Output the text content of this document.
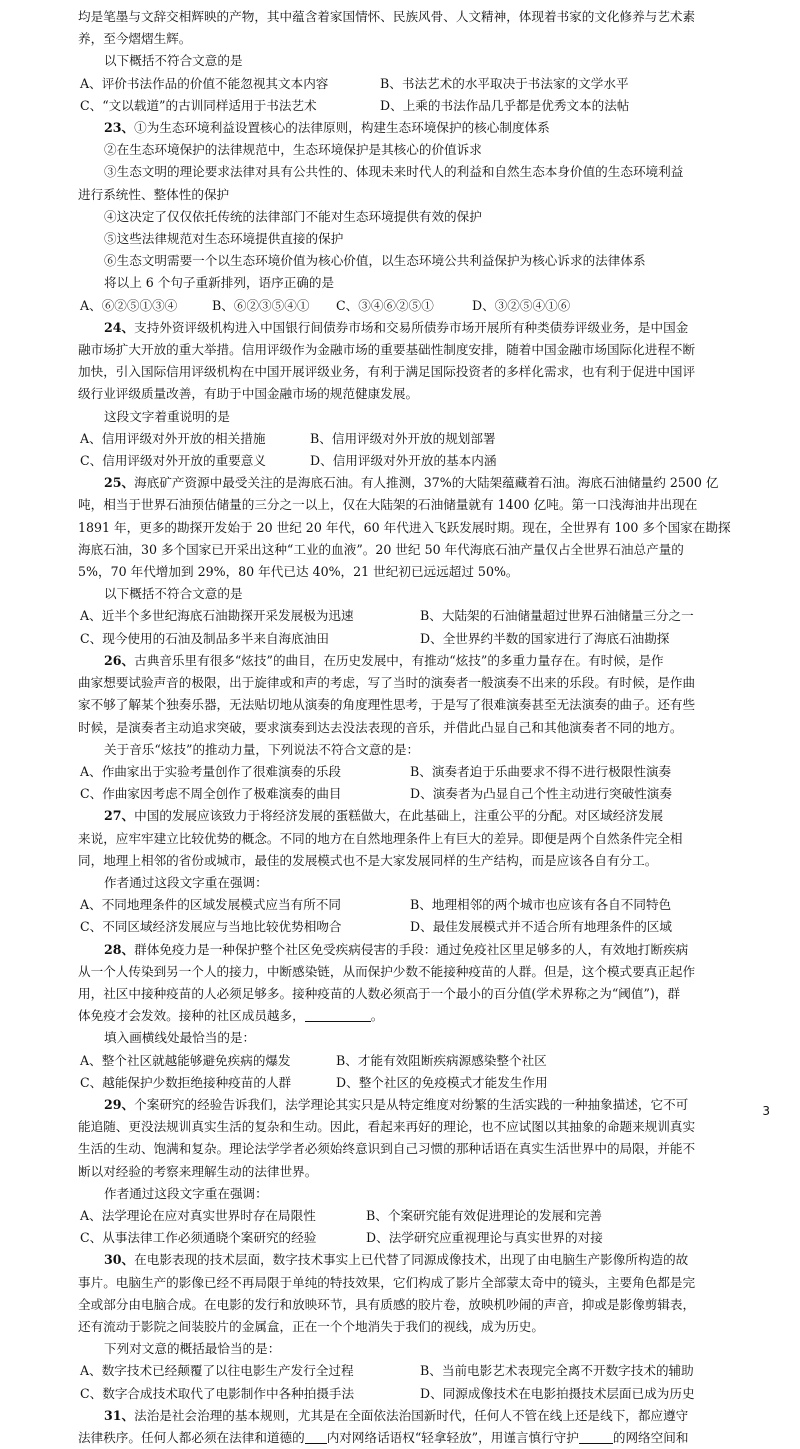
均是笔墨与文辞交相辉映的产物，其中蕴含着家国情怀、民族风骨、人文精神，体现着书家的文化修养与艺术素

养，至今熠熠生辉。

以下概括不符合文意的是

A、评价书法作品的价值不能忽视其文本内容	B、书法艺术的水平取决于书法家的文学水平
C、“文以载道”的古训同样适用于书法艺术	D、上乘的书法作品几乎都是优秀文本的法帖

23、①为生态环境利益设置核心的法律原则，构建生态环境保护的核心制度体系

②在生态环境保护的法律规范中，生态环境保护是其核心的价值诉求

③生态文明的理论要求法律对具有公共性的、体现未来时代人的利益和自然生态本身价值的生态环境利益

进行系统性、整体性的保护

④这决定了仅仅依托传统的法律部门不能对生态环境提供有效的保护

⑤这些法律规范对生态环境提供直接的保护

⑥生态文明需要一个以生态环境价值为核心价值，以生态环境公共利益保护为核心诉求的法律体系

将以上 6 个句子重新排列，语序正确的是

A、⑥②⑤①③④	B、⑥②③⑤④①	C、③④⑥②⑤①	D、③②⑤④①⑥

24、支持外资评级机构进入中国银行间债券市场和交易所债券市场开展所有种类债券评级业务，是中国金

融市场扩大开放的重大举措。信用评级作为金融市场的重要基础性制度安排，随着中国金融市场国际化进程不断

加快，引入国际信用评级机构在中国开展评级业务，有利于满足国际投资者的多样化需求，也有利于促进中国评

级行业评级质量改善，有助于中国金融市场的规范健康发展。

这段文字着重说明的是

A、信用评级对外开放的相关措施	B、信用评级对外开放的规划部署
C、信用评级对外开放的重要意义	D、信用评级对外开放的基本内涵

25、海底矿产资源中最受关注的是海底石油。有人推测，37%的大陆架蕴藏着石油。海底石油储量约 2500 亿

吨，相当于世界石油预估储量的三分之一以上，仅在大陆架的石油储量就有 1400 亿吨。第一口浅海油井出现在

1891 年，更多的勘探开发始于 20 世纪 20 年代，60 年代进入飞跃发展时期。现在，全世界有 100 多个国家在勘探

海底石油，30 多个国家已开采出这种“工业的血液”。20 世纪 50 年代海底石油产量仅占全世界石油总产量的

5%，70 年代增加到 29%，80 年代已达 40%，21 世纪初已远远超过 50%。

以下概括不符合文意的是

A、近半个多世纪海底石油勘探开采发展极为迅速	B、大陆架的石油储量超过世界石油储量三分之一
C、现今使用的石油及制品多半来自海底油田	D、全世界约半数的国家进行了海底石油勘探

26、古典音乐里有很多“炫技”的曲目，在历史发展中，有推动“炫技”的多重力量存在。有时候，是作

曲家想要试验声音的极限，出于旋律或和声的考虑，写了当时的演奏者一般演奏不出来的乐段。有时候，是作曲

家不够了解某个独奏乐器，无法贴切地从演奏的角度理性思考，于是写了很难演奏甚至无法演奏的曲子。还有些

时候，是演奏者主动追求突破，要求演奏到达去没法表现的音乐，并借此凸显自己和其他演奏者不同的地方。

关于音乐“炫技”的推动力量，下列说法不符合文意的是：

A、作曲家出于实验考量创作了很难演奏的乐段	B、演奏者迫于乐曲要求不得不进行极限性演奏
C、作曲家因考虑不周全创作了极难演奏的曲目	D、演奏者为凸显自己个性主动进行突破性演奏

27、中国的发展应该致力于将经济发展的蛋糕做大，在此基础上，注重公平的分配。对区域经济发展

来说，应牢牢建立比较优势的概念。不同的地方在自然地理条件上有巨大的差异。即便是两个自然条件完全相

同，地理上相邻的省份或城市，最佳的发展模式也不是大家发展同样的生产结构，而是应该各自有分工。

作者通过这段文字重在强调：

A、不同地理条件的区域发展模式应当有所不同	B、地理相邻的两个城市也应该有各自不同特色
C、不同区域经济发展应与当地比较优势相吻合	D、最佳发展模式并不适合所有地理条件的区域

28、群体免疫力是一种保护整个社区免受疾病侵害的手段：通过免疫社区里足够多的人，有效地打断疾病

从一个人传染到另一个人的接力，中断感染链，从而保护少数不能接种疫苗的人群。但是，这个模式要真正起作

用，社区中接种疫苗的人必须足够多。接种疫苗的人数必须高于一个最小的百分值(学术界称之为“阈值”)，群

体免疫才会发效。接种的社区成员越多，	。

填入画横线处最恰当的是：

A、整个社区就越能够避免疾病的爆发	B、才能有效阻断疾病源感染整个社区
C、越能保护少数拒绝接种疫苗的人群	D、整个社区的免疫模式才能发生作用

29、个案研究的经验告诉我们，法学理论其实只是从特定维度对纷繁的生活实践的一种抽象描述，它不可

能追随、更没法规训真实生活的复杂和生动。因此，看起来再好的理论，也不应试图以其抽象的命题来规训真实

生活的生动、饱满和复杂。理论法学学者必须始终意识到自己习惯的那种话语在真实生活世界中的局限，并能不

断以对经验的考察来理解生动的法律世界。

作者通过这段文字重在强调：

A、法学理论在应对真实世界时存在局限性	B、个案研究能有效促进理论的发展和完善
C、从事法律工作必须通晓个案研究的经验	D、法学研究应重视理论与真实世界的对接

30、在电影表现的技术层面，数字技术事实上已代替了同源成像技术，出现了由电脑生产影像所构造的故

事片。电脑生产的影像已经不再局限于单纯的特技效果，它们构成了影片全部蒙太奇中的镜头，主要角色都是完

全或部分由电脑合成。在电影的发行和放映环节，具有质感的胶片卷，放映机吵闹的声音，抑或是影像剪辑表，

还有流动于影院之间装胶片的金属盒，正在一个个地消失于我们的视线，成为历史。

下列对文意的概括最恰当的是：

A、数字技术已经颠覆了以往电影生产发行全过程	B、当前电影艺术表现完全离不开数字技术的辅助
C、数字合成技术取代了电影制作中各种拍摄手法	D、同源成像技术在电影拍摄技术层面已成为历史

31、法治是社会治理的基本规则，尤其是在全面依法治国新时代，任何人不管在线上还是线下，都应遵守

法律秩序。任何人都必须在法律和道德的 内对网络话语权“轻拿轻放”，用谨言慎行守护	的网络空间和

3
